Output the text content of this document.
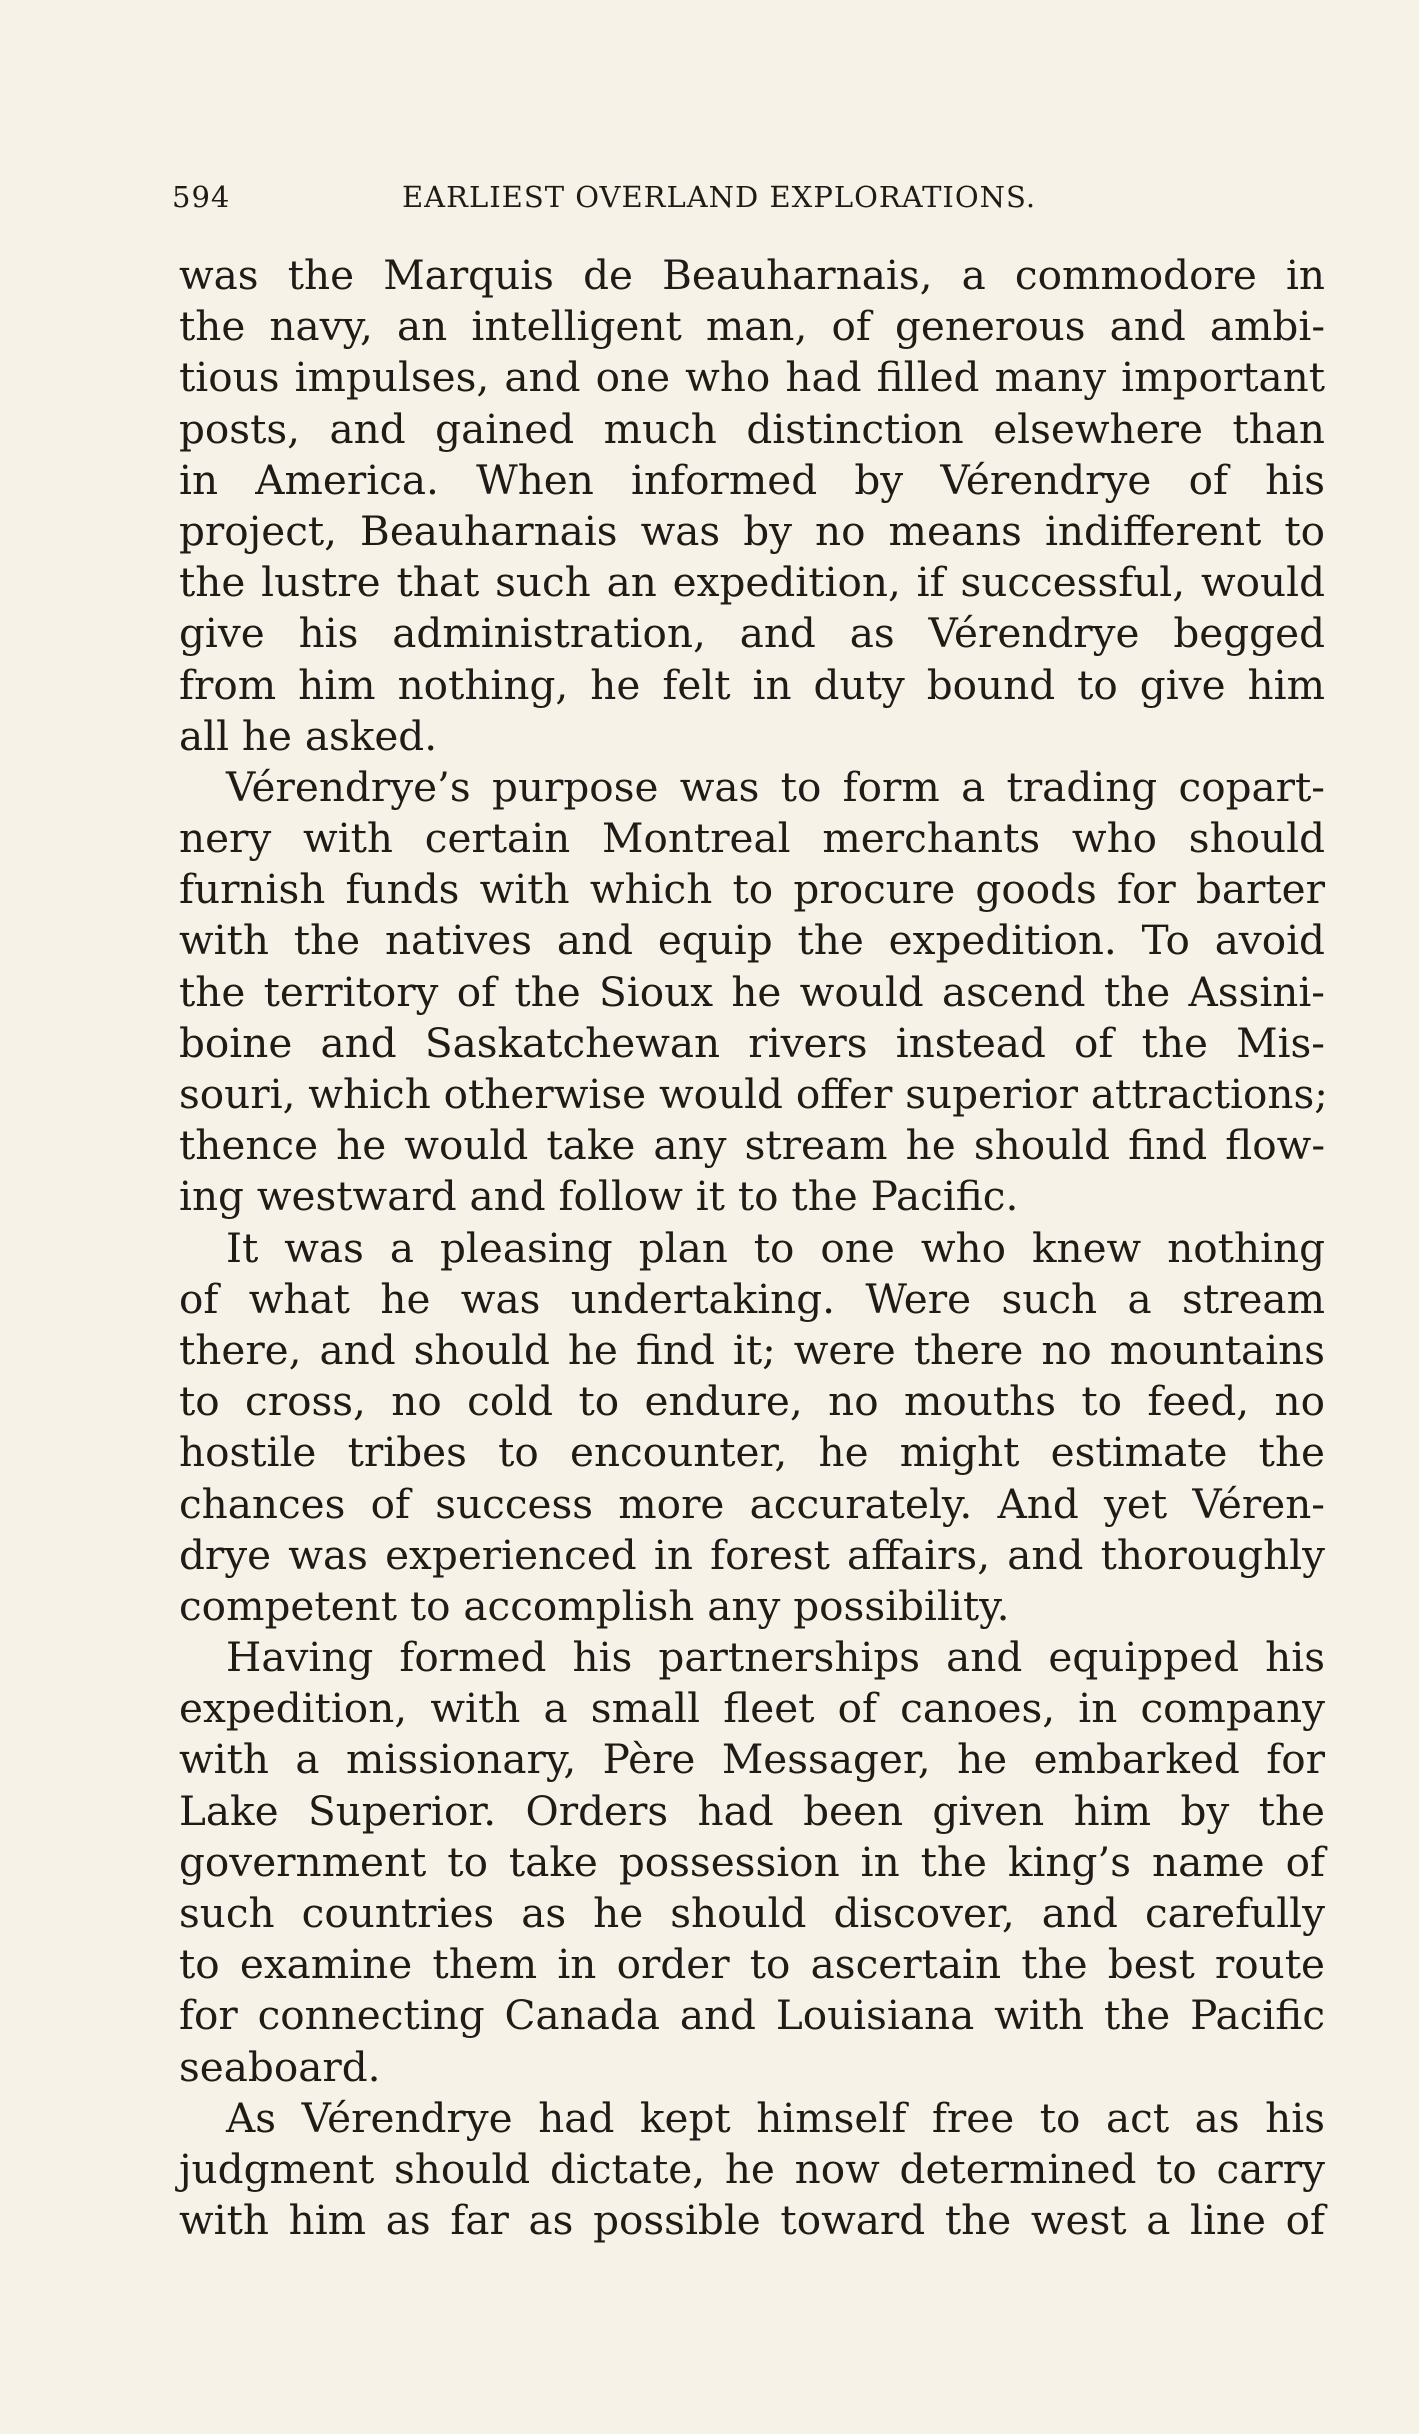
594	EARLIEST OVERLAND EXPLORATIONS.
was the Marquis de Beauharnais, a commodore in
the navy, an intelligent man, of generous and ambi-
tious impulses, and one who had filled many important
posts, and gained much distinction elsewhere than
in America. When informed by Vérendrye of his
project, Beauharnais was by no means indifferent to
the lustre that such an expedition, if successful, would
give his administration, and as Vérendrye begged
from him nothing, he felt in duty bound to give him
all he asked.
Vérendrye’s purpose was to form a trading copart-
nery with certain Montreal merchants who should
furnish funds with which to procure goods for barter
with the natives and equip the expedition. To avoid
the territory of the Sioux he would ascend the Assini-
boine and Saskatchewan rivers instead of the Mis-
souri, which otherwise would offer superior attractions;
thence he would take any stream he should find flow-
ing westward and follow it to the Pacific.
It was a pleasing plan to one who knew nothing
of what he was undertaking. Were such a stream
there, and should he find it; were there no mountains
to cross, no cold to endure, no mouths to feed, no
hostile tribes to encounter, he might estimate the
chances of success more accurately. And yet Véren-
drye was experienced in forest affairs, and thoroughly
competent to accomplish any possibility.
Having formed his partnerships and equipped his
expedition, with a small fleet of canoes, in company
with a missionary, Père Messager, he embarked for
Lake Superior. Orders had been given him by the
government to take possession in the king’s name of
such countries as he should discover, and carefully
to examine them in order to ascertain the best route
for connecting Canada and Louisiana with the Pacific
seaboard.
As Vérendrye had kept himself free to act as his
judgment should dictate, he now determined to carry
with him as far as possible toward the west a line of
